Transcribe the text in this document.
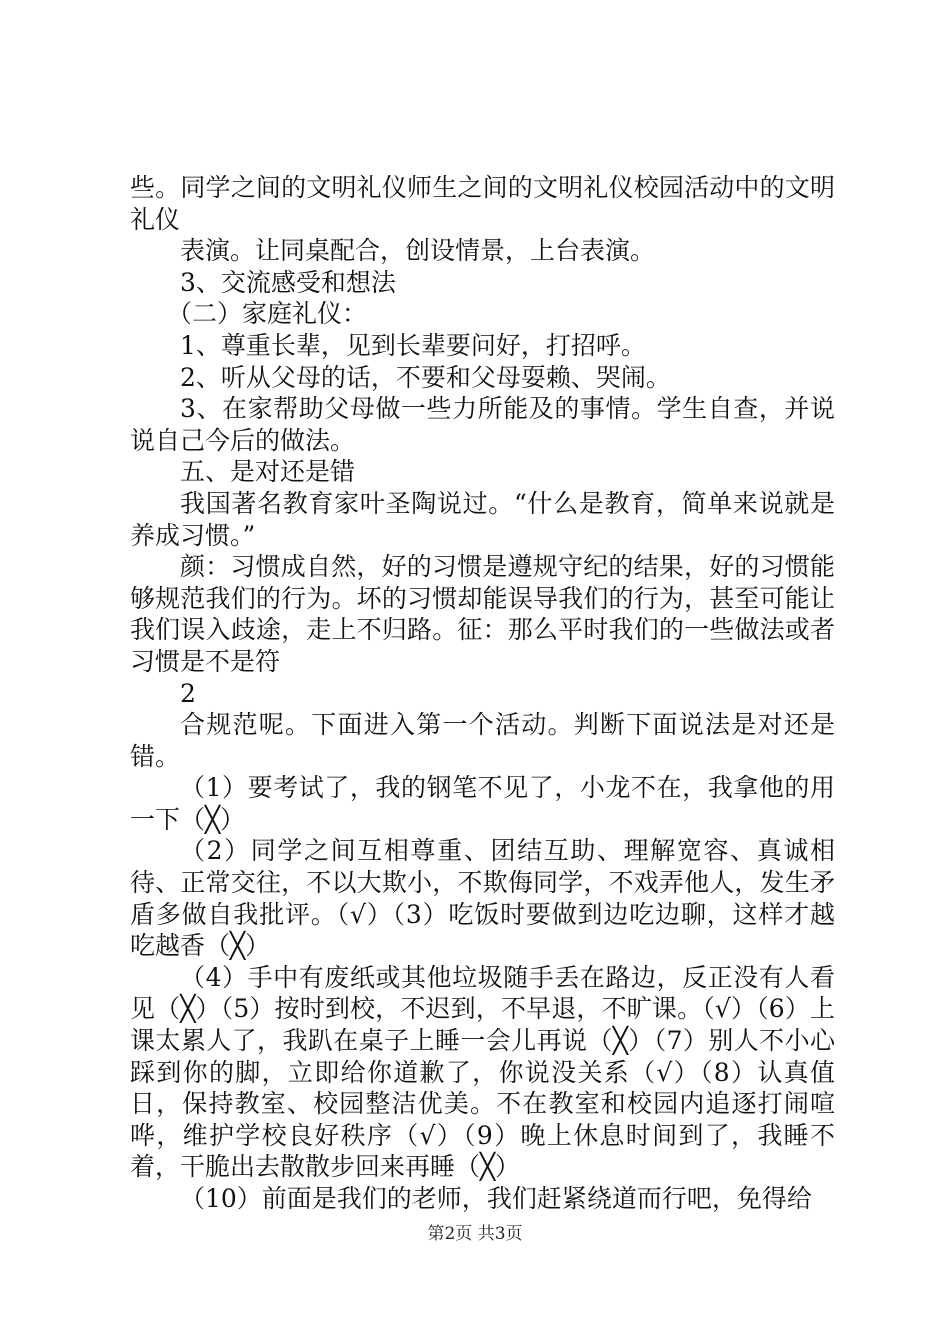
些。同学之间的文明礼仪师生之间的文明礼仪校园活动中的文明礼仪

表演。让同桌配合，创设情景，上台表演。

3、交流感受和想法

（二）家庭礼仪：

1、尊重长辈，见到长辈要问好，打招呼。

2、听从父母的话，不要和父母耍赖、哭闹。

3、在家帮助父母做一些力所能及的事情。学生自查，并说说自己今后的做法。

五、是对还是错

我国著名教育家叶圣陶说过。“什么是教育，简单来说就是养成习惯。”

颜：习惯成自然，好的习惯是遵规守纪的结果，好的习惯能够规范我们的行为。坏的习惯却能误导我们的行为，甚至可能让我们误入歧途，走上不归路。征：那么平时我们的一些做法或者习惯是不是符

2

合规范呢。下面进入第一个活动。判断下面说法是对还是错。

（1）要考试了，我的钢笔不见了，小龙不在，我拿他的用一下（╳）

（2）同学之间互相尊重、团结互助、理解宽容、真诚相待、正常交往，不以大欺小，不欺侮同学，不戏弄他人，发生矛盾多做自我批评。（√）（3）吃饭时要做到边吃边聊，这样才越吃越香（╳）

（4）手中有废纸或其他垃圾随手丢在路边，反正没有人看见（╳）（5）按时到校，不迟到，不早退，不旷课。（√）（6）上课太累人了，我趴在桌子上睡一会儿再说（╳）（7）别人不小心踩到你的脚，立即给你道歉了，你说没关系（√）（8）认真值日，保持教室、校园整洁优美。不在教室和校园内追逐打闹喧哗，维护学校良好秩序（√）（9）晚上休息时间到了，我睡不着，干脆出去散散步回来再睡（╳）

（10）前面是我们的老师，我们赶紧绕道而行吧，免得给

第2页 共3页
